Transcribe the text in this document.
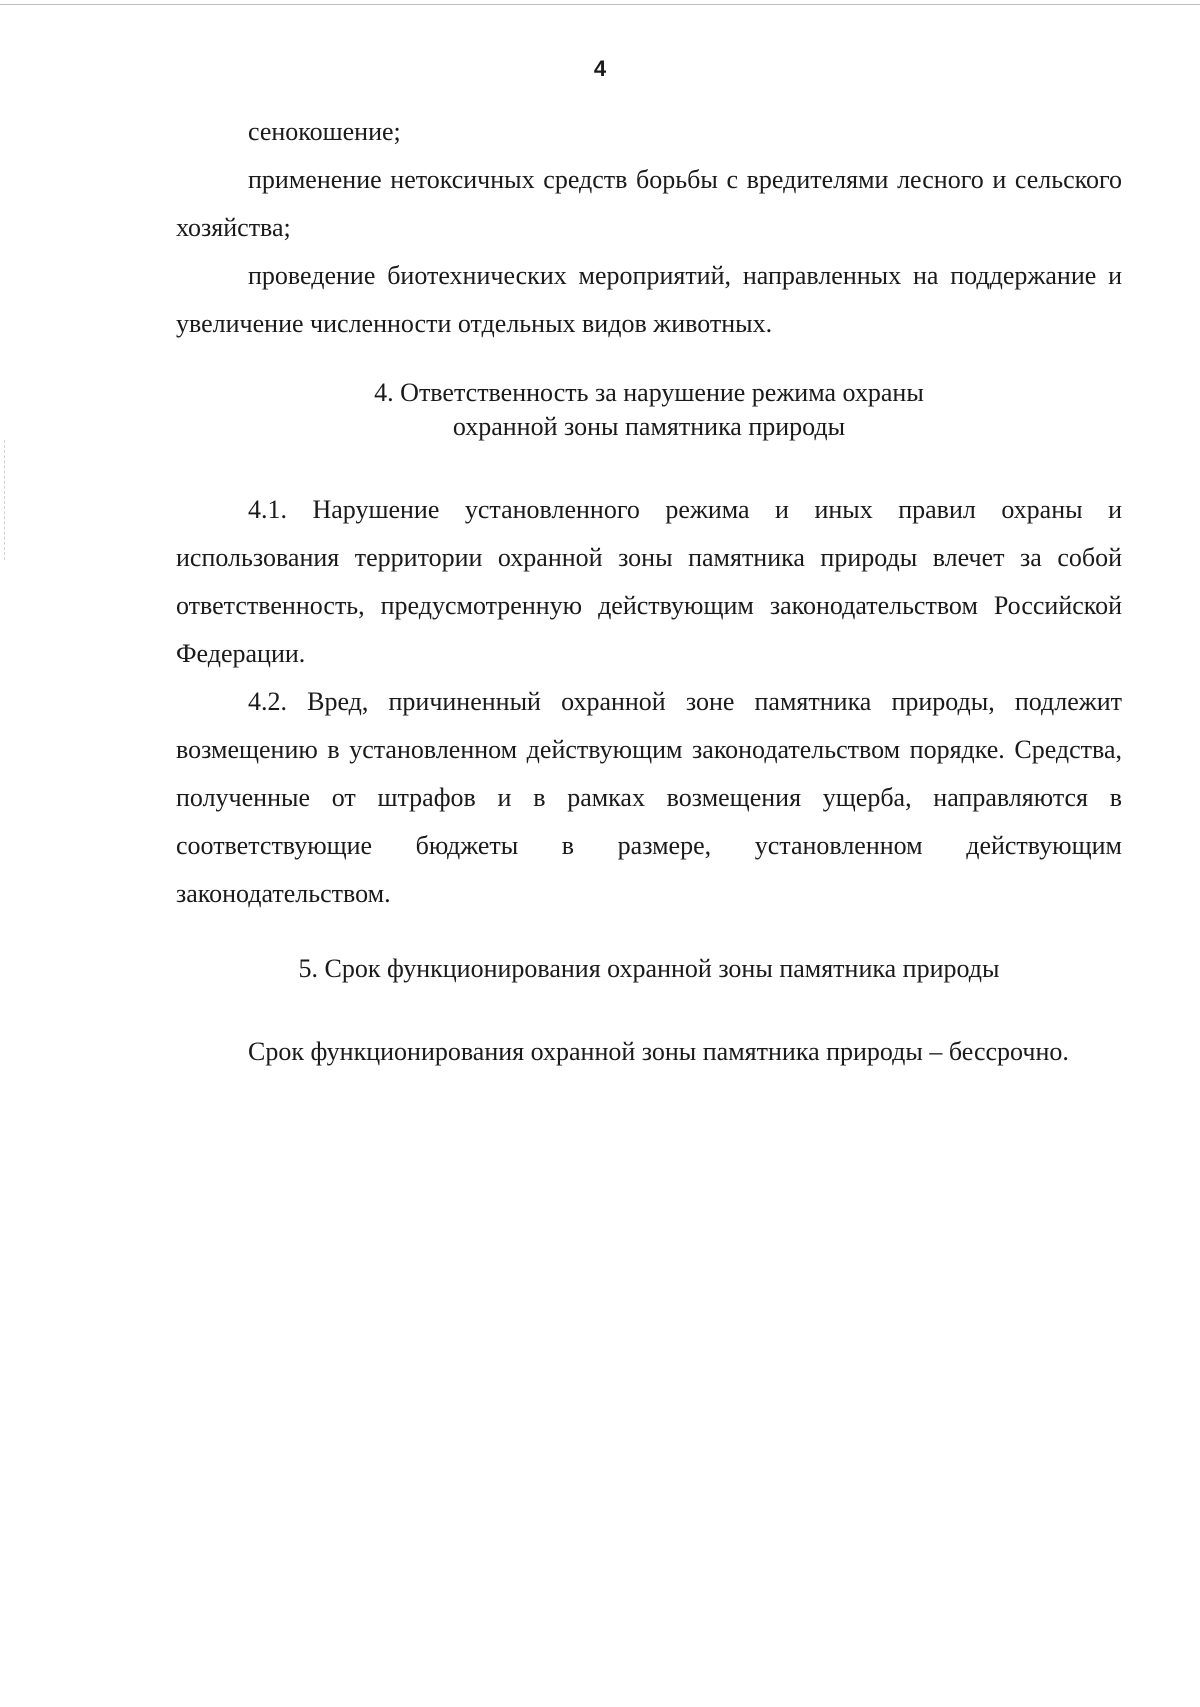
4

сенокошение;

применение нетоксичных средств борьбы с вредителями лесного и сельского хозяйства;

проведение биотехнических мероприятий, направленных на поддержание и увеличение численности отдельных видов животных.

4. Ответственность за нарушение режима охраны

охранной зоны памятника природы

4.1. Нарушение установленного режима и иных правил охраны и использования территории охранной зоны памятника природы влечет за собой ответственность, предусмотренную действующим законодательством Российской Федерации.

4.2. Вред, причиненный охранной зоне памятника природы, подлежит возмещению в установленном действующим законодательством порядке. Средства, полученные от штрафов и в рамках возмещения ущерба, направляются в соответствующие бюджеты в размере, установленном действующим законодательством.

5. Срок функционирования охранной зоны памятника природы

Срок функционирования охранной зоны памятника природы – бессрочно.
